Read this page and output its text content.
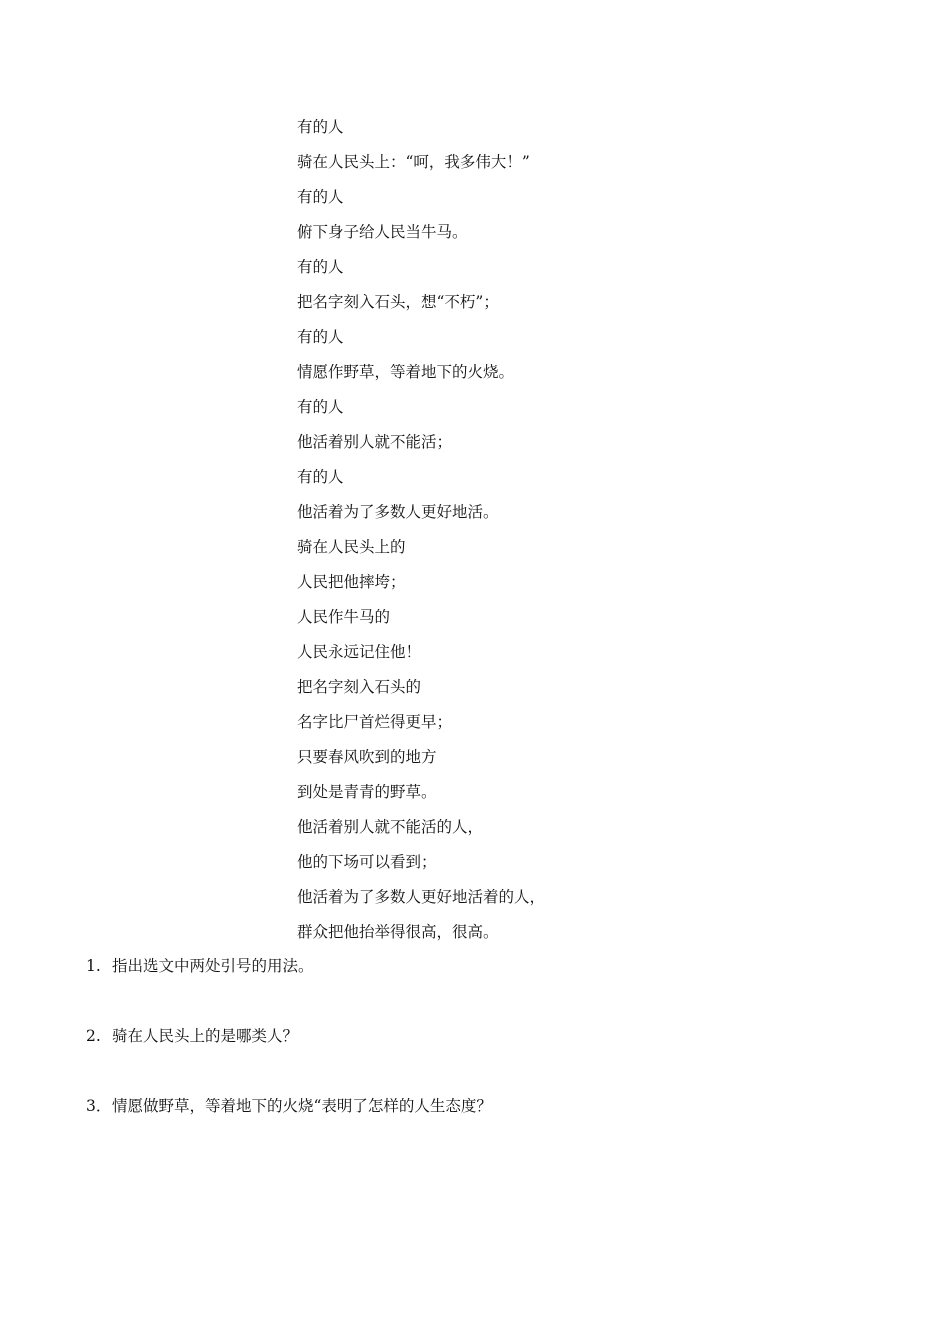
有的人
骑在人民头上：“呵，我多伟大！”
有的人
俯下身子给人民当牛马。
有的人
把名字刻入石头，想“不朽”；
有的人
情愿作野草，等着地下的火烧。
有的人
他活着别人就不能活；
有的人
他活着为了多数人更好地活。
骑在人民头上的
人民把他摔垮；
人民作牛马的
人民永远记住他！
把名字刻入石头的
名字比尸首烂得更早；
只要春风吹到的地方
到处是青青的野草。
他活着别人就不能活的人，
他的下场可以看到；
他活着为了多数人更好地活着的人，
群众把他抬举得很高，很高。
1. 指出选文中两处引号的用法。
2. 骑在人民头上的是哪类人？
3．情愿做野草，等着地下的火烧“表明了怎样的人生态度？
